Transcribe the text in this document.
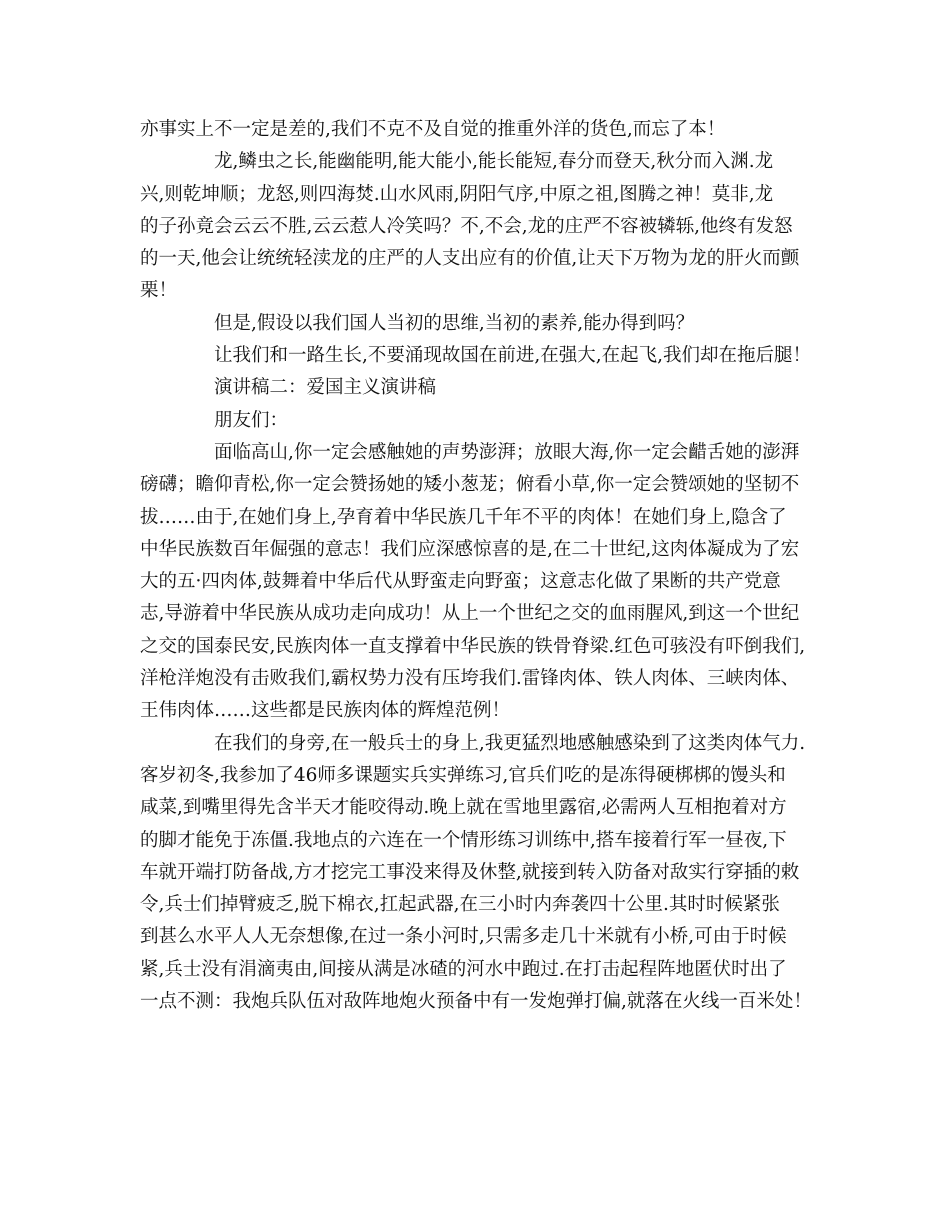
亦事实上不一定是差的,我们不克不及自觉的推重外洋的货色,而忘了本！
龙,鳞虫之长,能幽能明,能大能小,能长能短,春分而登天,秋分而入渊.龙
兴,则乾坤顺；龙怒,则四海焚.山水风雨,阴阳气序,中原之祖,图腾之神！莫非,龙
的子孙竟会云云不胜,云云惹人冷笑吗？不,不会,龙的庄严不容被辚轹,他终有发怒
的一天,他会让统统轻渎龙的庄严的人支出应有的价值,让天下万物为龙的肝火而颤
栗！
但是,假设以我们国人当初的思维,当初的素养,能办得到吗？
让我们和一路生长,不要涌现故国在前进,在强大,在起飞,我们却在拖后腿！
演讲稿二：爱国主义演讲稿
朋友们：
面临高山,你一定会感触她的声势澎湃；放眼大海,你一定会齰舌她的澎湃
磅礴；瞻仰青松,你一定会赞扬她的矮小葱茏；俯看小草,你一定会赞颂她的坚韧不
拔……由于,在她们身上,孕育着中华民族几千年不平的肉体！在她们身上,隐含了
中华民族数百年倔强的意志！我们应深感惊喜的是,在二十世纪,这肉体凝成为了宏
大的五·四肉体,鼓舞着中华后代从野蛮走向野蛮；这意志化做了果断的共产党意
志,导游着中华民族从成功走向成功！从上一个世纪之交的血雨腥风,到这一个世纪
之交的国泰民安,民族肉体一直支撑着中华民族的铁骨脊梁.红色可骇没有吓倒我们,
洋枪洋炮没有击败我们,霸权势力没有压垮我们.雷锋肉体、铁人肉体、三峡肉体、
王伟肉体……这些都是民族肉体的辉煌范例！
在我们的身旁,在一般兵士的身上,我更猛烈地感触感染到了这类肉体气力.
客岁初冬,我参加了46师多课题实兵实弹练习,官兵们吃的是冻得硬梆梆的馒头和
咸菜,到嘴里得先含半天才能咬得动.晚上就在雪地里露宿,必需两人互相抱着对方
的脚才能免于冻僵.我地点的六连在一个情形练习训练中,搭车接着行军一昼夜,下
车就开端打防备战,方才挖完工事没来得及休整,就接到转入防备对敌实行穿插的敕
令,兵士们掉臂疲乏,脱下棉衣,扛起武器,在三小时内奔袭四十公里.其时时候紧张
到甚么水平人人无奈想像,在过一条小河时,只需多走几十米就有小桥,可由于时候
紧,兵士没有涓滴夷由,间接从满是冰碴的河水中跑过.在打击起程阵地匿伏时出了
一点不测：我炮兵队伍对敌阵地炮火预备中有一发炮弹打偏,就落在火线一百米处！
